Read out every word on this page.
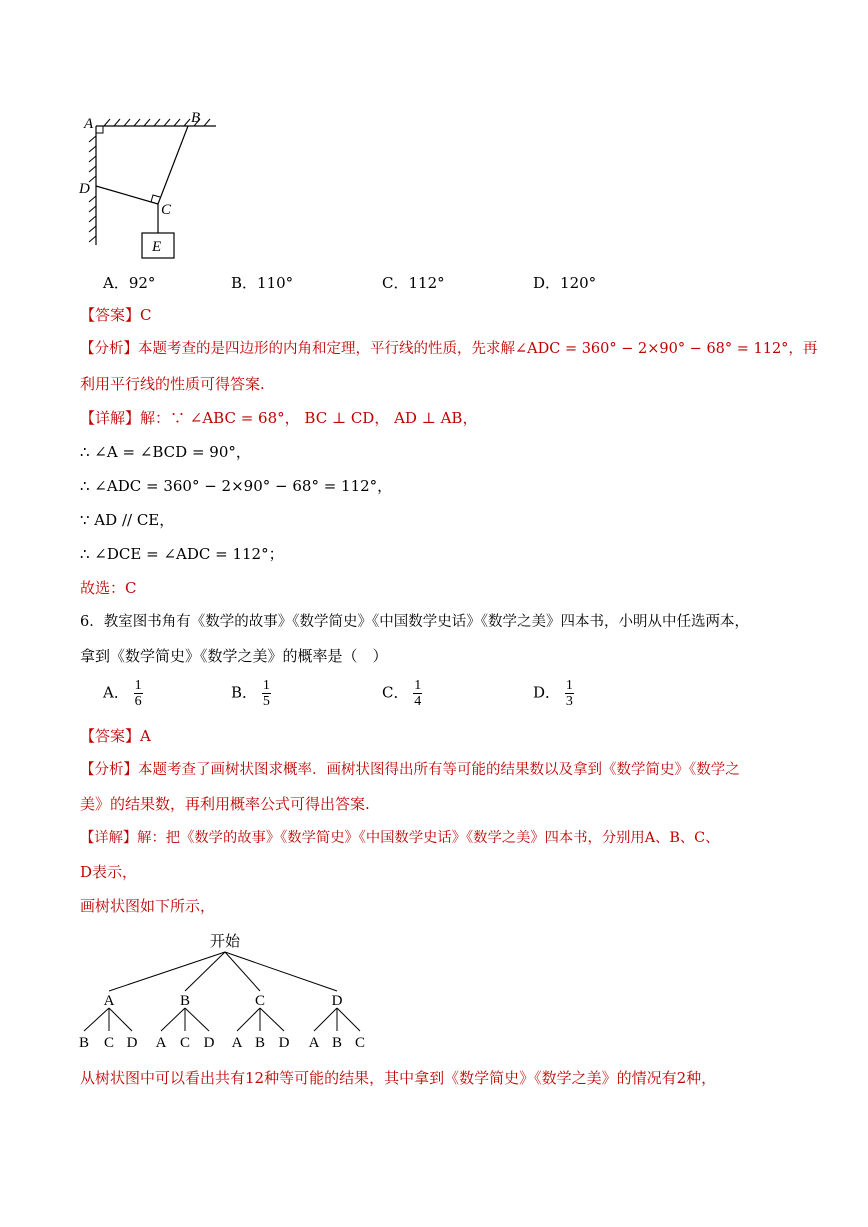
A	B
D
C
E
A．92°	B．110°	C．112°	D．120°
【答案】C
【分析】本题考查的是四边形的内角和定理，平行线的性质，先求解∠ADC = 360° − 2×90° − 68° = 112°，再
利用平行线的性质可得答案.
【详解】解：∵ ∠ABC = 68°， BC ⊥ CD， AD ⊥ AB，
∴ ∠A = ∠BCD = 90°，
∴ ∠ADC = 360° − 2×90° − 68° = 112°，
∵ AD // CE，
∴ ∠DCE = ∠ADC = 112°；
故选：C
6．教室图书角有《数学的故事》《数学简史》《中国数学史话》《数学之美》四本书，小明从中任选两本，
拿到《数学简史》《数学之美》的概率是（　）
A． $\frac{1}{6}$	B． $\frac{1}{5}$	C． $\frac{1}{4}$	D． $\frac{1}{3}$
【答案】A
【分析】本题考查了画树状图求概率．画树状图得出所有等可能的结果数以及拿到《数学简史》《数学之
美》的结果数，再利用概率公式可得出答案.
【详解】解：把《数学的故事》《数学简史》《中国数学史话》《数学之美》四本书，分别用A、B、C、
D表示，
画树状图如下所示，
开始
A	B	C	D
B C D A C D A B D A B C
从树状图中可以看出共有12种等可能的结果，其中拿到《数学简史》《数学之美》的情况有2种，
